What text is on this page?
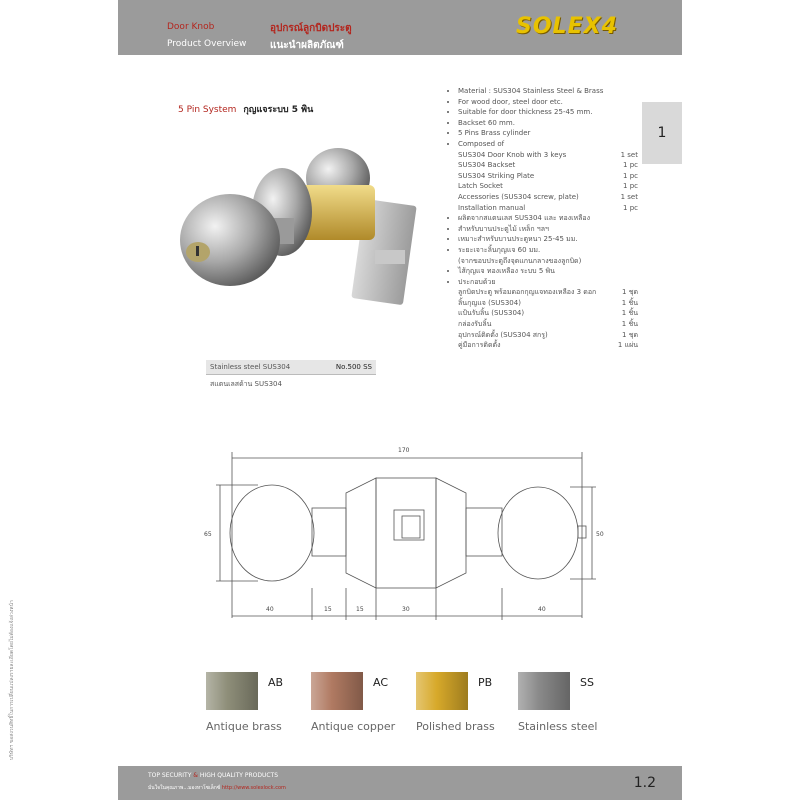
Door Knob
Product Overview
อุปกรณ์ลูกบิดประตู
แนะนำผลิตภัณฑ์
SOLEX4
1
5 Pin System กุญแจระบบ 5 พิน
• Material : SUS304 Stainless Steel & Brass
• For wood door, steel door etc.
• Suitable for door thickness 25-45 mm.
• Backset 60 mm.
• 5 Pins Brass cylinder
• Composed of
SUS304 Door Knob with 3 keys	1 set
SUS304 Backset	1 pc
SUS304 Striking Plate	1 pc
Latch Socket	1 pc
Accessories (SUS304 screw, plate)	1 set
Installation manual	1 pc
• ผลิตจากสแตนเลส SUS304 และ ทองเหลือง
• สำหรับบานประตูไม้ เหล็ก ฯลฯ
• เหมาะสำหรับบานประตูหนา 25-45 มม.
• ระยะเจาะลิ้นกุญแจ 60 มม.
(จากขอบประตูถึงจุดแกนกลางของลูกบิด)
• ไส้กุญแจ ทองเหลือง ระบบ 5 พิน
• ประกอบด้วย
ลูกบิดประตู พร้อมดอกกุญแจทองเหลือง 3 ดอก	1 ชุด
ลิ้นกุญแจ (SUS304)	1 ชิ้น
แป้นรับลิ้น (SUS304)	1 ชิ้น
กล่องรับลิ้น	1 ชิ้น
อุปกรณ์ติดตั้ง (SUS304 สกรู)	1 ชุด
คู่มือการติดตั้ง	1 แผ่น
Stainless steel SUS304	No.500 SS
สแตนเลสด้าน SUS304
170
65	50
40	15	15	30	40
AB
Antique brass
AC
Antique copper
PB
Polished brass
SS
Stainless steel
TOP SECURITY & HIGH QUALITY PRODUCTS
มั่นใจในคุณภาพ...มองหาโซเล็กซ์ http://www.solexlock.com	1.2
บริษัทฯ ขอสงวนสิทธิ์ในการเปลี่ยนแปลงรายละเอียดโดยไม่ต้องแจ้งล่วงหน้า
